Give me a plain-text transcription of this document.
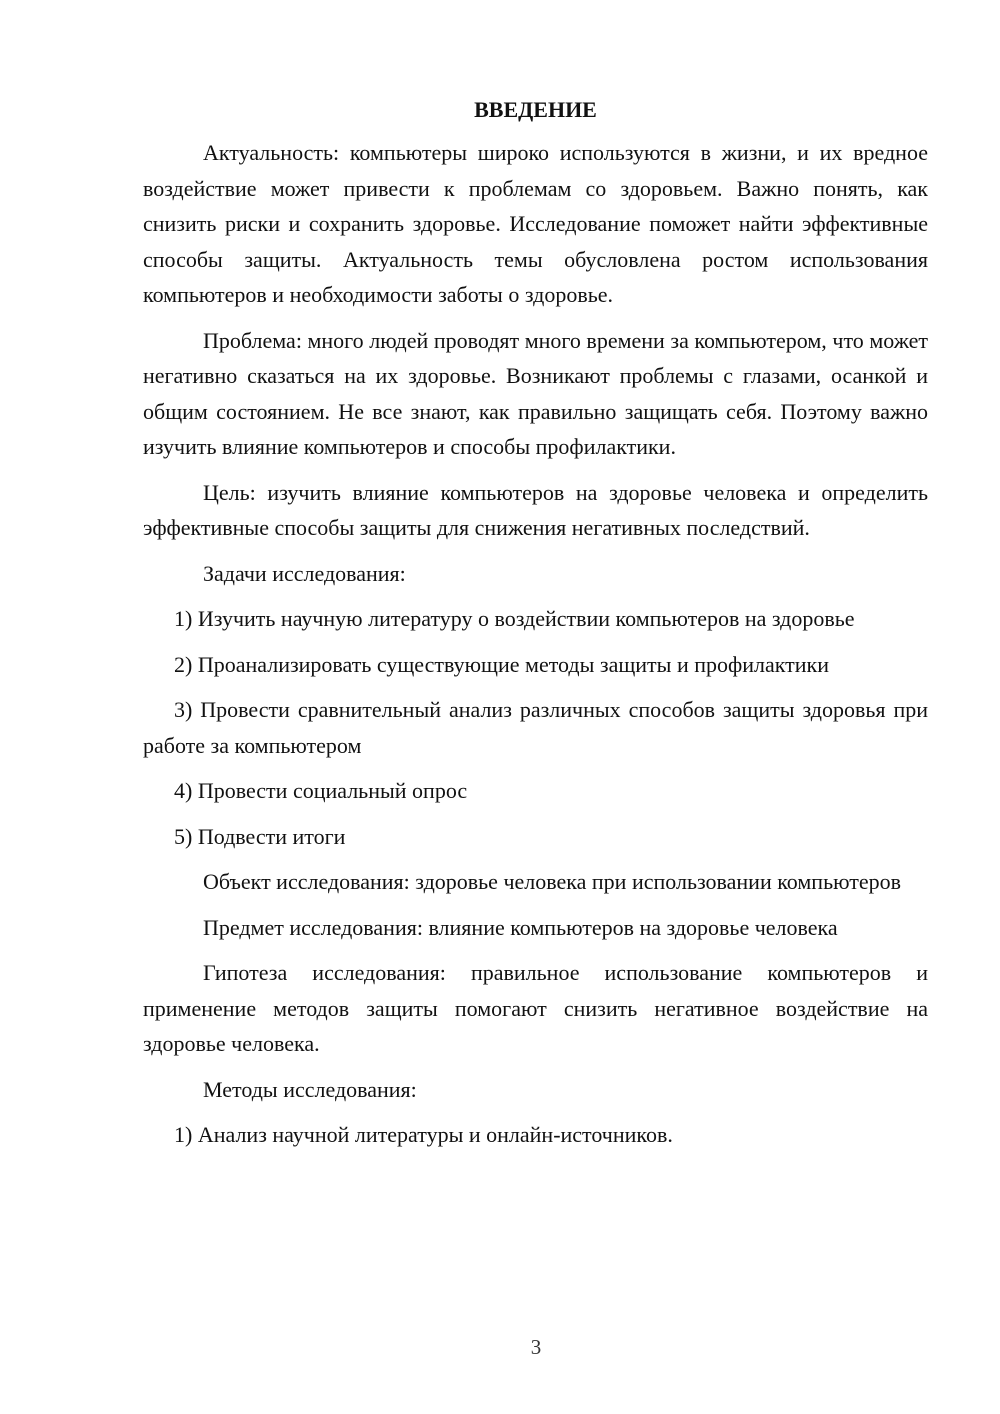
ВВЕДЕНИЕ

Актуальность: компьютеры широко используются в жизни, и их вредное воздействие может привести к проблемам со здоровьем. Важно понять, как снизить риски и сохранить здоровье. Исследование поможет найти эффективные способы защиты. Актуальность темы обусловлена ростом использования компьютеров и необходимости заботы о здоровье.

Проблема: много людей проводят много времени за компьютером, что может негативно сказаться на их здоровье. Возникают проблемы с глазами, осанкой и общим состоянием. Не все знают, как правильно защищать себя. Поэтому важно изучить влияние компьютеров и способы профилактики.

Цель: изучить влияние компьютеров на здоровье человека и определить эффективные способы защиты для снижения негативных последствий.

Задачи исследования:

1) Изучить научную литературу о воздействии компьютеров на здоровье

2) Проанализировать существующие методы защиты и профилактики

3) Провести сравнительный анализ различных способов защиты здоровья при работе за компьютером

4) Провести социальный опрос

5) Подвести итоги

Объект исследования: здоровье человека при использовании компьютеров

Предмет исследования: влияние компьютеров на здоровье человека

Гипотеза исследования: правильное использование компьютеров и применение методов защиты помогают снизить негативное воздействие на здоровье человека.

Методы исследования:

1) Анализ научной литературы и онлайн-источников.

3
